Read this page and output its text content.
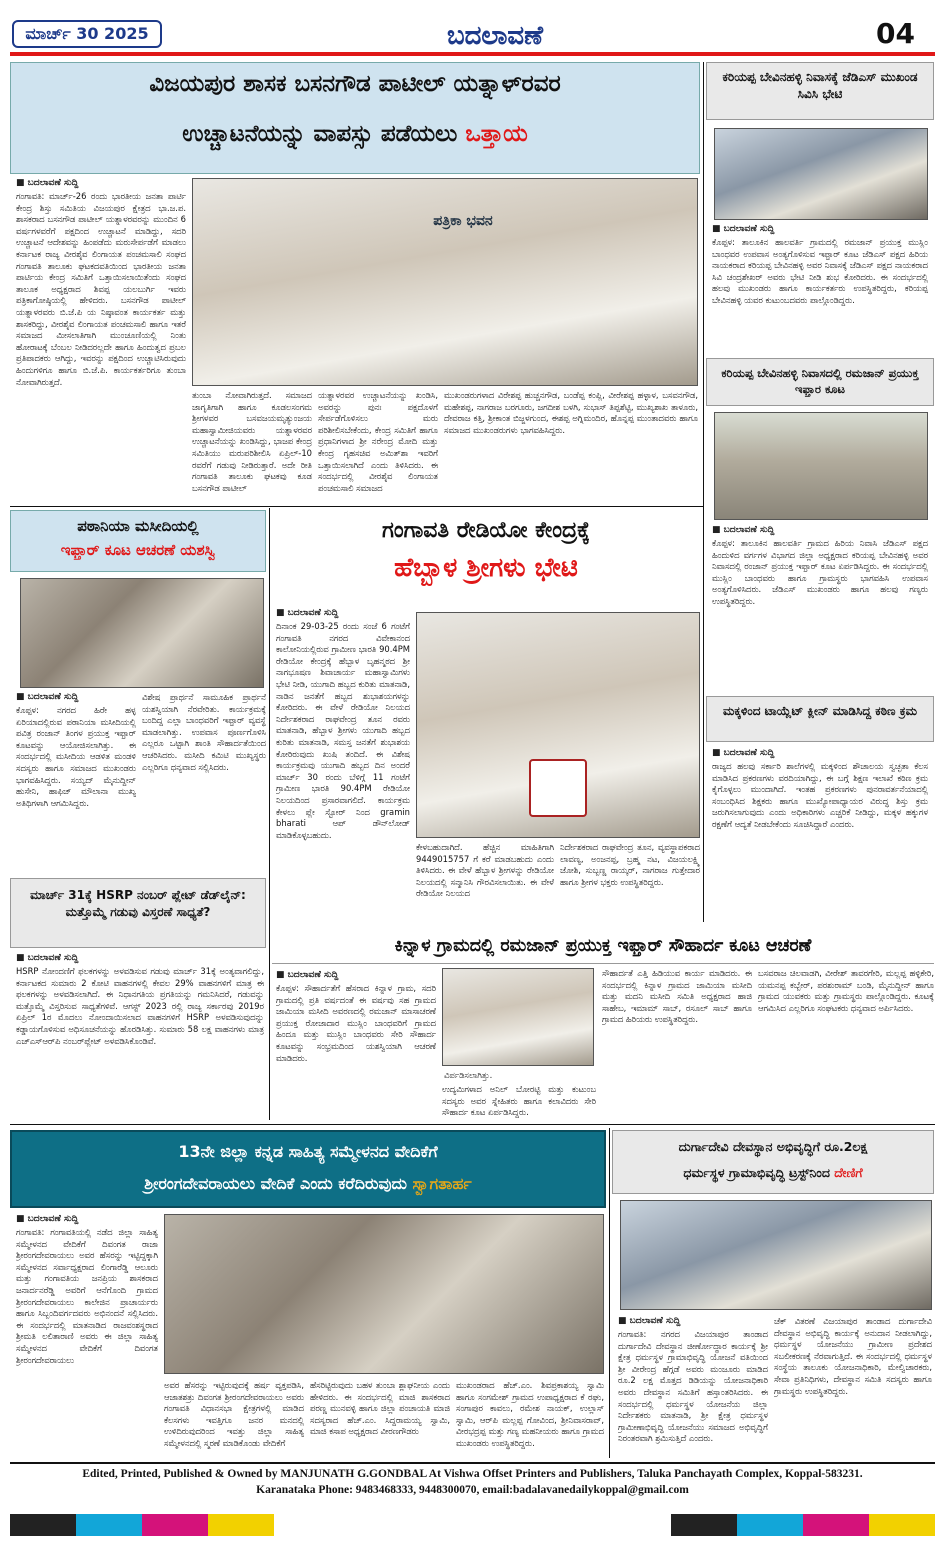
ಮಾರ್ಚ್ 30 2025	ಬದಲಾವಣೆ	04
ವಿಜಯಪುರ ಶಾಸಕ ಬಸನಗೌಡ ಪಾಟೀಲ್ ಯತ್ನಾಳ್‌ರವರ
ಉಚ್ಚಾಟನೆಯನ್ನು ವಾಪಸ್ಸು ಪಡೆಯಲು ಒತ್ತಾಯ
■ ಬದಲಾವಣೆ ಸುದ್ದಿ
ಗಂಗಾವತಿ: ಮಾರ್ಚ್-26 ರಂದು ಭಾರತೀಯ ಜನತಾ ಪಾರ್ಟಿ ಕೇಂದ್ರ ಶಿಸ್ತು ಸಮಿತಿಯ ವಿಜಯಪುರ ಕ್ಷೇತ್ರದ ಭಾ.ಜ.ಪ. ಶಾಸಕರಾದ ಬಸನಗೌಡ ಪಾಟೀಲ್ ಯತ್ನಾಳರವರನ್ನು ಮುಂದಿನ 6 ವರ್ಷಗಳವರೆಗೆ ಪಕ್ಷದಿಂದ ಉಚ್ಚಾಟನೆ ಮಾಡಿದ್ದು, ಸದರಿ ಉಚ್ಚಾಟನೆ ಆದೇಶವನ್ನು ಹಿಂಪಡೆದು ಮರುಸೇರ್ಪಡೆಗೆ ಮಾಡಲು ಕರ್ನಾಟಕ ರಾಜ್ಯ ವೀರಶೈವ ಲಿಂಗಾಯತ ಪಂಚಮಸಾಲಿ ಸಂಘದ ಗಂಗಾವತಿ ತಾಲೂಕು ಘಟಕದವತಿಯಿಂದ ಭಾರತೀಯ ಜನತಾ ಪಾರ್ಟಿಯ ಕೇಂದ್ರ ಸಮಿತಿಗೆ ಒತ್ತಾಯಿಸಲಾಯಿತೆಂದು ಸಂಘದ ತಾಲೂಕ ಅಧ್ಯಕ್ಷರಾದ ಶಿವಪ್ಪ ಯಲಬುರ್ಗಿ ಇವರು ಪತ್ರಿಕಾಗೋಷ್ಠಿಯಲ್ಲಿ ಹೇಳಿದರು. ಬಸನಗೌಡ ಪಾಟೀಲ್ ಯತ್ನಾಳರವರು ಬಿ.ಜೆ.ಪಿ ಯ ನಿಷ್ಠಾವಂತ ಕಾರ್ಯಕರ್ತ ಮತ್ತು ಶಾಸಕರಿದ್ದು, ವೀರಶೈವ ಲಿಂಗಾಯತ ಪಂಚಮಸಾಲಿ ಹಾಗೂ ಇತರೆ ಸಮಾಜದ ಮೀಸಲಾತಿಗಾಗಿ ಮುಂಚೂಣಿಯಲ್ಲಿ ನಿಂತು ಹೋರಾಟಕ್ಕೆ ಬೆಂಬಲ ನೀಡಿದರಲ್ಲದೇ ಹಾಗೂ ಹಿಂದುತ್ವದ ಪ್ರಬಲ ಪ್ರತಿಪಾದಕರು ಆಗಿದ್ದು, ಇವರನ್ನು ಪಕ್ಷದಿಂದ ಉಚ್ಚಾಟಿಸಿರುವುದು ಹಿಂದುಗಳಿಗೂ ಹಾಗೂ ಬಿ.ಜೆ.ಪಿ. ಕಾರ್ಯಕರ್ತರಿಗೂ ತುಂಬಾ ನೋವಾಗಿರುತ್ತದೆ.
ಪತ್ರಿಕಾ ಭವನ
ತುಂಬಾ ನೋವಾಗಿರುತ್ತದೆ. ಸಮಾಜದ ಜಾಗೃತಿಗಾಗಿ ಹಾಗೂ ಕೂಡಲಸಂಗಮ ಶ್ರೀಗಳವರ ಬಸವಜಯಮೃತ್ಯುಂಜಯ ಮಹಾಸ್ವಾಮೀಜಿಯವರು ಯತ್ನಾಳರವರ ಉಚ್ಚಾಟನೆಯನ್ನು ಖಂಡಿಸಿದ್ದು, ಭಾಜಪ ಕೇಂದ್ರ ಸಮಿತಿಯು ಮರುಪರಿಶೀಲಿಸಿ ಏಪ್ರಿಲ್-10 ರವರೆಗೆ ಗಡುವು ನೀಡಿರುತ್ತಾರೆ. ಅದೇ ರೀತಿ ಗಂಗಾವತಿ ತಾಲೂಕು ಘಟಕವು ಕೂಡ ಬಸನಗೌಡ ಪಾಟೀಲ್
ಯತ್ನಾಳರವರ ಉಚ್ಚಾಟನೆಯನ್ನು ಖಂಡಿಸಿ, ಅವರನ್ನು ಪುನಃ ಪಕ್ಷದೊಳಗೆ ಸೇರ್ಪಡೆಗೊಳಿಸಲು ಮರು ಪರಿಶೀಲಿಸಬೇಕೆಂದು, ಕೇಂದ್ರ ಸಮಿತಿಗೆ ಹಾಗೂ ಪ್ರಧಾನಿಗಳಾದ ಶ್ರೀ ನರೇಂದ್ರ ಮೋದಿ ಮತ್ತು ಕೇಂದ್ರ ಗೃಹಸಚಿವ ಅಮಿತ್‌ಶಾ ಇವರಿಗೆ ಒತ್ತಾಯಿಸಲಾಗಿದೆ ಎಂದು ತಿಳಿಸಿದರು. ಈ ಸಂದರ್ಭದಲ್ಲಿ ವೀರಶೈವ ಲಿಂಗಾಯತ ಪಂಚಮಸಾಲಿ ಸಮಾಜದ
ಮುಖಂಡರುಗಳಾದ ವಿರೇಶಪ್ಪ ಹುಚ್ಚನಗೌಡ, ಬಂಡೆಪ್ಪ ಕಂಪ್ಲಿ, ವೀರೇಶಪ್ಪ ಹಳ್ಳಾಳ, ಬಸವನಗೌಡ, ಮಹೇಶಪ್ಪ, ನಾಗರಾಜ ಬರಗೂರು, ಜಗದೀಶ ಬಳಗಿ, ಸುಭಾಸ್ ತಿಪ್ಪಶೆಟ್ಟಿ, ಮುಖ್ಯಶಾಖ ತಾಳೂರು, ದೇವರಾಜ ಕತ್ತಿ, ಶ್ರೀಕಾಂತ ಬಿಜ್ಜಳಗುಂದ, ಈಶಪ್ಪ ಅಗ್ನಿಮಂದಿರ, ಹೊನ್ನಪ್ಪ ಮುಂತಾದವರು ಹಾಗೂ ಸಮಾಜದ ಮುಖಂಡರುಗಳು ಭಾಗವಹಿಸಿದ್ದರು.
ಕರಿಯಪ್ಪ ಬೇವಿನಹಳ್ಳಿ ನಿವಾಸಕ್ಕೆ ಜೆಡಿಎಸ್ ಮುಖಂಡ ಸಿವಿಸಿ ಭೇಟಿ
■ ಬದಲಾವಣೆ ಸುದ್ದಿ
ಕೊಪ್ಪಳ: ತಾಲೂಕಿನ ಹಾಲವರ್ತಿ ಗ್ರಾಮದಲ್ಲಿ ರಮಜಾನ್ ಪ್ರಯುಕ್ತ ಮುಸ್ಲಿಂ ಬಾಂಧವರ ಉಪವಾಸ ಅಂತ್ಯಗೊಳಿಸುವ ಇಫ್ತಾರ್ ಕೂಟ ಜೆಡಿಎಸ್ ಪಕ್ಷದ ಹಿರಿಯ ನಾಯಕರಾದ ಕರಿಯಪ್ಪ ಬೇವಿನಹಳ್ಳಿ ಅವರ ನಿವಾಸಕ್ಕೆ ಜೆಡಿಎಸ್ ಪಕ್ಷದ ನಾಯಕರಾದ ಸಿವಿ ಚಂದ್ರಶೇಖರ್ ಅವರು ಭೇಟಿ ನೀಡಿ ಶುಭ ಕೋರಿದರು. ಈ ಸಂದರ್ಭದಲ್ಲಿ ಹಲವು ಮುಖಂಡರು ಹಾಗೂ ಕಾರ್ಯಕರ್ತರು ಉಪಸ್ಥಿತರಿದ್ದರು, ಕರಿಯಪ್ಪ ಬೇವಿನಹಳ್ಳಿ ಯವರ ಕುಟುಂಬದವರು ಪಾಲ್ಗೊಂಡಿದ್ದರು.
ಕರಿಯಪ್ಪ ಬೇವಿನಹಳ್ಳಿ ನಿವಾಸದಲ್ಲಿ ರಮಜಾನ್ ಪ್ರಯುಕ್ತ ಇಫ್ತಾರ ಕೂಟ
■ ಬದಲಾವಣೆ ಸುದ್ದಿ
ಕೊಪ್ಪಳ: ತಾಲೂಕಿನ ಹಾಲವರ್ತಿ ಗ್ರಾಮದ ಹಿರಿಯ ನಿವಾಸಿ ಜೆಡಿಎಸ್ ಪಕ್ಷದ ಹಿಂದುಳಿದ ವರ್ಗಗಳ ವಿಭಾಗದ ಜಿಲ್ಲಾ ಅಧ್ಯಕ್ಷರಾದ ಕರಿಯಪ್ಪ ಬೇವಿನಹಳ್ಳಿ ಅವರ ನಿವಾಸದಲ್ಲಿ ರಂಜಾನ್ ಪ್ರಯುಕ್ತ ಇಫ್ತಾರ್ ಕೂಟ ಏರ್ಪಡಿಸಿದ್ದರು. ಈ ಸಂದರ್ಭದಲ್ಲಿ ಮುಸ್ಲಿಂ ಬಾಂಧವರು ಹಾಗೂ ಗ್ರಾಮಸ್ಥರು ಭಾಗವಹಿಸಿ ಉಪವಾಸ ಅಂತ್ಯಗೊಳಿಸಿದರು. ಜೆಡಿಎಸ್ ಮುಖಂಡರು ಹಾಗೂ ಹಲವು ಗಣ್ಯರು ಉಪಸ್ಥಿತರಿದ್ದರು.
ಮಕ್ಕಳಿಂದ ಟಾಯ್ಲೆಟ್ ಕ್ಲೀನ್ ಮಾಡಿಸಿದ್ದ ಕಠಿಣ ಕ್ರಮ
■ ಬದಲಾವಣೆ ಸುದ್ದಿ
ರಾಜ್ಯದ ಹಲವು ಸರ್ಕಾರಿ ಶಾಲೆಗಳಲ್ಲಿ ಮಕ್ಕಳಿಂದ ಶೌಚಾಲಯ ಸ್ವಚ್ಛತಾ ಕೆಲಸ ಮಾಡಿಸಿದ ಪ್ರಕರಣಗಳು ವರದಿಯಾಗಿದ್ದು, ಈ ಬಗ್ಗೆ ಶಿಕ್ಷಣ ಇಲಾಖೆ ಕಠಿಣ ಕ್ರಮ ಕೈಗೊಳ್ಳಲು ಮುಂದಾಗಿದೆ. ಇಂತಹ ಪ್ರಕರಣಗಳು ಪುನರಾವರ್ತನೆಯಾದಲ್ಲಿ ಸಂಬಂಧಿಸಿದ ಶಿಕ್ಷಕರು ಹಾಗೂ ಮುಖ್ಯೋಪಾಧ್ಯಾಯರ ವಿರುದ್ಧ ಶಿಸ್ತು ಕ್ರಮ ಜರುಗಿಸಲಾಗುವುದು ಎಂದು ಅಧಿಕಾರಿಗಳು ಎಚ್ಚರಿಕೆ ನೀಡಿದ್ದು, ಮಕ್ಕಳ ಹಕ್ಕುಗಳ ರಕ್ಷಣೆಗೆ ಆದ್ಯತೆ ನೀಡಬೇಕೆಂದು ಸೂಚಿಸಿದ್ದಾರೆ ಎಂದರು.
ಪಠಾನಿಯಾ ಮಸೀದಿಯಲ್ಲಿ
ಇಫ್ತಾರ್ ಕೂಟ ಆಚರಣೆ ಯಶಸ್ವಿ
■ ಬದಲಾವಣೆ ಸುದ್ದಿ
ಕೊಪ್ಪಳ: ನಗರದ ಹಿರೇ ಹಳ್ಳ ಏರಿಯಾದಲ್ಲಿರುವ ಪಠಾನಿಯಾ ಮಸೀದಿಯಲ್ಲಿ ಪವಿತ್ರ ರಂಜಾನ್ ತಿಂಗಳ ಪ್ರಯುಕ್ತ ಇಫ್ತಾರ್ ಕೂಟವನ್ನು ಆಯೋಜಿಸಲಾಗಿತ್ತು. ಈ ಸಂದರ್ಭದಲ್ಲಿ ಮಸೀದಿಯ ಆಡಳಿತ ಮಂಡಳಿ ಸದಸ್ಯರು ಹಾಗೂ ಸಮಾಜದ ಮುಖಂಡರು ಭಾಗವಹಿಸಿದ್ದರು. ಸಯ್ಯದ್ ಮೈನುದ್ದೀನ್ ಹುಸೇನಿ, ಹಾಫಿಜ್ ಮೌಲಾನಾ ಮುಖ್ಯ ಅತಿಥಿಗಳಾಗಿ ಆಗಮಿಸಿದ್ದರು.
ವಿಶೇಷ ಪ್ರಾರ್ಥನೆ ಸಾಮೂಹಿಕ ಪ್ರಾರ್ಥನೆ ಯಶಸ್ವಿಯಾಗಿ ನೆರವೇರಿತು. ಕಾರ್ಯಕ್ರಮಕ್ಕೆ ಬಂದಿದ್ದ ಎಲ್ಲಾ ಬಾಂಧವರಿಗೆ ಇಫ್ತಾರ್ ವ್ಯವಸ್ಥೆ ಮಾಡಲಾಗಿತ್ತು. ಉಪವಾಸ ಪೂರ್ಣಗೊಳಿಸಿ ಎಲ್ಲರೂ ಒಟ್ಟಾಗಿ ಶಾಂತಿ ಸೌಹಾರ್ದತೆಯಿಂದ ಆಚರಿಸಿದರು. ಮಸೀದಿ ಕಮಿಟಿ ಮುಖ್ಯಸ್ಥರು ಎಲ್ಲರಿಗೂ ಧನ್ಯವಾದ ಸಲ್ಲಿಸಿದರು.
ಮಾರ್ಚ್ 31ಕ್ಕೆ HSRP ನಂಬರ್ ಪ್ಲೇಟ್ ಡೆಡ್‌ಲೈನ್: ಮತ್ತೊಮ್ಮೆ ಗಡುವು ವಿಸ್ತರಣೆ ಸಾಧ್ಯತೆ?
■ ಬದಲಾವಣೆ ಸುದ್ದಿ
HSRP ನೋಂದಣಿಗೆ ಫಲಕಗಳನ್ನು ಅಳವಡಿಸುವ ಗಡುವು ಮಾರ್ಚ್ 31ಕ್ಕೆ ಅಂತ್ಯವಾಗಲಿದ್ದು, ಕರ್ನಾಟಕದ ಸುಮಾರು 2 ಕೋಟಿ ವಾಹನಗಳಲ್ಲಿ ಕೇವಲ 29% ವಾಹನಗಳಿಗೆ ಮಾತ್ರ ಈ ಫಲಕಗಳನ್ನು ಅಳವಡಿಸಲಾಗಿದೆ. ಈ ನಿಧಾನಗತಿಯ ಪ್ರಗತಿಯನ್ನು ಗಮನಿಸಿದರೆ, ಗಡುವನ್ನು ಮತ್ತೊಮ್ಮೆ ವಿಸ್ತರಿಸುವ ಸಾಧ್ಯತೆಗಳಿವೆ. ಆಗಸ್ಟ್ 2023 ರಲ್ಲಿ ರಾಜ್ಯ ಸರ್ಕಾರವು 2019ರ ಏಪ್ರಿಲ್ 1ರ ಮೊದಲು ನೋಂದಾಯಿಸಲಾದ ವಾಹನಗಳಿಗೆ HSRP ಅಳವಡಿಸುವುದನ್ನು ಕಡ್ಡಾಯಗೊಳಿಸುವ ಅಧಿಸೂಚನೆಯನ್ನು ಹೊರಡಿಸಿತ್ತು. ಸುಮಾರು 58 ಲಕ್ಷ ವಾಹನಗಳು ಮಾತ್ರ ಎಚ್‌ಎಸ್‌ಆರ್‌ಪಿ ನಂಬರ್‌ಪ್ಲೇಟ್ ಅಳವಡಿಸಿಕೊಂಡಿವೆ.
ಗಂಗಾವತಿ ರೇಡಿಯೋ ಕೇಂದ್ರಕ್ಕೆ
ಹೆಬ್ಬಾಳ ಶ್ರೀಗಳು ಭೇಟಿ
■ ಬದಲಾವಣೆ ಸುದ್ದಿ
ದಿನಾಂಕ 29-03-25 ರಂದು ಸಂಜೆ 6 ಗಂಟೆಗೆ ಗಂಗಾವತಿ ನಗರದ ವಿವೇಕಾನಂದ ಕಾಲೋನಿಯಲ್ಲಿರುವ ಗ್ರಾಮೀಣ ಭಾರತಿ 90.4PM ರೇಡಿಯೋ ಕೇಂದ್ರಕ್ಕೆ ಹೆಬ್ಬಾಳ ಬೃಹನ್ಮಠದ ಶ್ರೀ ನಾಗಭೂಷಣ ಶಿವಾಚಾರ್ಯ ಮಹಾಸ್ವಾಮಿಗಳು ಭೇಟಿ ನೀಡಿ, ಯುಗಾದಿ ಹಬ್ಬದ ಕುರಿತು ಮಾತನಾಡಿ, ನಾಡಿನ ಜನತೆಗೆ ಹಬ್ಬದ ಶುಭಾಶಯಗಳನ್ನು ಕೋರಿದರು. ಈ ವೇಳೆ ರೇಡಿಯೋ ನಿಲಯದ ನಿರ್ದೇಶಕರಾದ ರಾಘವೇಂದ್ರ ತೂನ ರವರು ಮಾತನಾಡಿ, ಹೆಬ್ಬಾಳ ಶ್ರೀಗಳು ಯುಗಾದಿ ಹಬ್ಬದ ಕುರಿತು ಮಾತನಾಡಿ, ಸಮಸ್ತ ಜನತೆಗೆ ಶುಭಾಶಯ ಕೋರಿರುವುದು ಖುಷಿ ತಂದಿದೆ. ಈ ವಿಶೇಷ ಕಾರ್ಯಕ್ರಮವು ಯುಗಾದಿ ಹಬ್ಬದ ದಿನ ಅಂದರೆ ಮಾರ್ಚ್ 30 ರಂದು ಬೆಳಿಗ್ಗೆ 11 ಗಂಟೆಗೆ ಗ್ರಾಮೀಣ ಭಾರತಿ 90.4PM ರೇಡಿಯೋ ನಿಲಯದಿಂದ ಪ್ರಸಾರವಾಗಲಿದೆ. ಕಾರ್ಯಕ್ರಮ ಕೇಳಲು ಪ್ಲೇ ಸ್ಟೋರ್ ನಿಂದ gramin bharati ಆಪ್ ಡೌನ್‌ಲೋಡ್ ಮಾಡಿಕೊಳ್ಳಬಹುದು.
ಕೇಳಬಹುದಾಗಿದೆ. ಹೆಚ್ಚಿನ ಮಾಹಿತಿಗಾಗಿ 9449015757 ಗೆ ಕರೆ ಮಾಡಬಹುದು ಎಂದು ತಿಳಿಸಿದರು. ಈ ವೇಳೆ ಹೆಬ್ಬಾಳ ಶ್ರೀಗಳನ್ನು ರೇಡಿಯೋ ನಿಲಯದಲ್ಲಿ ಸನ್ಮಾನಿಸಿ ಗೌರವಿಸಲಾಯಿತು. ಈ ವೇಳೆ ರೇಡಿಯೋ ನಿಲಯದ
ನಿರ್ದೇಶಕರಾದ ರಾಘವೇಂದ್ರ ತೂನ, ವ್ಯವಸ್ಥಾಪಕರಾದ ಲಾವಣ್ಯ, ಅಂಜನಪ್ಪ, ಬ್ರಹ್ಮ ನಟ, ವಿಜಯಲಕ್ಷ್ಮಿ ಜೋಶಿ, ಸುಬ್ಬಣ್ಣ ರಾಯ್ಕರ್, ನಾಗರಾಜ ಗುತ್ತೇದಾರ ಹಾಗೂ ಶ್ರೀಗಳ ಭಕ್ತರು ಉಪಸ್ಥಿತರಿದ್ದರು.
ಕಿನ್ನಾಳ ಗ್ರಾಮದಲ್ಲಿ ರಮಜಾನ್ ಪ್ರಯುಕ್ತ ಇಫ್ತಾರ್ ಸೌಹಾರ್ದ ಕೂಟ ಆಚರಣೆ
■ ಬದಲಾವಣೆ ಸುದ್ದಿ
ಕೊಪ್ಪಳ: ಸೌಹಾರ್ದತೆಗೆ ಹೆಸರಾದ ಕಿನ್ನಾಳ ಗ್ರಾಮ, ಸದರಿ ಗ್ರಾಮದಲ್ಲಿ ಪ್ರತಿ ವರ್ಷದಂತೆ ಈ ವರ್ಷವು ಸಹ ಗ್ರಾಮದ ಜಾಮಿಯಾ ಮಸೀದಿ ಅವರಣದಲ್ಲಿ ರಮಜಾನ್ ಮಾಸಾಚರಣೆ ಪ್ರಯುಕ್ತ ರೋಜಾದಾರ ಮುಸ್ಲಿಂ ಬಾಂಧವರಿಗೆ ಗ್ರಾಮದ ಹಿಂದೂ ಮತ್ತು ಮುಸ್ಲಿಂ ಬಾಂಧವರು ಸೇರಿ ಸೌಹಾರ್ದ ಕೂಟವನ್ನು ಸಂಭ್ರಮದಿಂದ ಯಶಸ್ವಿಯಾಗಿ ಆಚರಣೆ ಮಾಡಿದರು.
ವಿರ್ಪಡಿಸಲಾಗಿತ್ತು.
ಉದ್ಯಮಿಗಳಾದ ಅನಿಲ್ ಬೋರಟ್ಟಿ ಮತ್ತು ಕುಟುಂಬ ಸದಸ್ಯರು ಅವರ ಸ್ನೇಹಿತರು ಹಾಗೂ ಕಲಾವಿದರು ಸೇರಿ ಸೌಹಾರ್ದ ಕೂಟ ಏರ್ಪಡಿಸಿದ್ದರು.
ಸೌಹಾರ್ದತೆ ಎತ್ತಿ ಹಿಡಿಯುವ ಕಾರ್ಯ ಮಾಡಿದರು. ಈ ಸಂದರ್ಭದಲ್ಲಿ ಕಿನ್ನಾಳ ಗ್ರಾಮದ ಜಾಮಿಯಾ ಮಸೀದಿ ಮತ್ತು ಮದನಿ ಮಸೀದಿ ಸಮಿತಿ ಅಧ್ಯಕ್ಷರಾದ ಹಾಜಿ ಸಾಹೇಬ, ಇಮಾಮ್ ಸಾಬ್, ರಸೂಲ್ ಸಾಬ್ ಹಾಗೂ ಗ್ರಾಮದ ಹಿರಿಯರು ಉಪಸ್ಥಿತರಿದ್ದರು.
ಬಸವರಾಜ ಚಿಲವಾಡಗಿ, ವೀರೇಶ್ ತಾವರಗೇರಿ, ಮಲ್ಲಪ್ಪ ಹಳ್ಳಿಕೇರಿ, ಯಮನಪ್ಪ ಕಬ್ಬೇರ್, ಪರಶುರಾಮ್ ಬಂಡಿ, ಮೈನುದ್ದೀನ್ ಹಾಗೂ ಗ್ರಾಮದ ಯುವಕರು ಮತ್ತು ಗ್ರಾಮಸ್ಥರು ಪಾಲ್ಗೊಂಡಿದ್ದರು. ಕೂಟಕ್ಕೆ ಆಗಮಿಸಿದ ಎಲ್ಲರಿಗೂ ಸಂಘಟಕರು ಧನ್ಯವಾದ ಅರ್ಪಿಸಿದರು.
13ನೇ ಜಿಲ್ಲಾ ಕನ್ನಡ ಸಾಹಿತ್ಯ ಸಮ್ಮೇಳನದ ವೇದಿಕೆಗೆ
ಶ್ರೀರಂಗದೇವರಾಯಲು ವೇದಿಕೆ ಎಂದು ಕರೆದಿರುವುದು ಸ್ವಾಗತಾರ್ಹ
■ ಬದಲಾವಣೆ ಸುದ್ದಿ
ಗಂಗಾವತಿ: ಗಂಗಾವತಿಯಲ್ಲಿ ನಡೆದ ಜಿಲ್ಲಾ ಸಾಹಿತ್ಯ ಸಮ್ಮೇಳನದ ವೇದಿಕೆಗೆ ದಿವಂಗತ ರಾಜಾ ಶ್ರೀರಂಗದೇವರಾಯಲು ಅವರ ಹೆಸರನ್ನು ಇಟ್ಟಿದ್ದಕ್ಕಾಗಿ ಸಮ್ಮೇಳನದ ಸರ್ವಾಧ್ಯಕ್ಷರಾದ ಲಿಂಗಾರೆಡ್ಡಿ ಆಲೂರು ಮತ್ತು ಗಂಗಾವತಿಯ ಜನಪ್ರಿಯ ಶಾಸಕರಾದ ಜನಾರ್ದನರೆಡ್ಡಿ ಅವರಿಗೆ ಆನೆಗೊಂದಿ ಗ್ರಾಮದ ಶ್ರೀರಂಗದೇವರಾಯಲು ಕಾಲೇಜಿನ ಪ್ರಾಚಾರ್ಯರು ಹಾಗೂ ಸಿಬ್ಬಂದಿವರ್ಗದವರು ಅಭಿನಂದನೆ ಸಲ್ಲಿಸಿದರು. ಈ ಸಂದರ್ಭದಲ್ಲಿ ಮಾತನಾಡಿದ ರಾಜವಂಶಸ್ಥರಾದ ಶ್ರೀಮತಿ ಲಲಿತಾರಾಣಿ ಅವರು ಈ ಜಿಲ್ಲಾ ಸಾಹಿತ್ಯ ಸಮ್ಮೇಳನದ ವೇದಿಕೆಗೆ ದಿವಂಗತ ಶ್ರೀರಂಗದೇವರಾಯಲು
ಅವರ ಹೆಸರನ್ನು ಇಟ್ಟಿರುವುದಕ್ಕೆ ಹರ್ಷ ವ್ಯಕ್ತಪಡಿಸಿ, ಆಜಾತಶತ್ರು ದಿವಂಗತ ಶ್ರೀರಂಗದೇವರಾಯಲು ಅವರು ಗಂಗಾವತಿ ವಿಧಾನಸಭಾ ಕ್ಷೇತ್ರಗಳಲ್ಲಿ ಮಾಡಿದ ಕೆಲಸಗಳು ಇವತ್ತಿಗೂ ಜನರ ಮನದಲ್ಲಿ ಉಳಿದಿರುವುದರಿಂದ ಇವತ್ತು ಜಿಲ್ಲಾ ಸಾಹಿತ್ಯ ಸಮ್ಮೇಳನದಲ್ಲಿ ಸ್ಮರಣೆ ಮಾಡಿಕೊಂಡು ವೇದಿಕೆಗೆ
ಹೆಸರಿಟ್ಟಿರುವುದು ಬಹಳ ತುಂಬಾ ಶ್ಲಾಘನೀಯ ಎಂದು ಹೇಳಿದರು. ಈ ಸಂದರ್ಭದಲ್ಲಿ ಮಾಜಿ ಶಾಸಕರಾದ ಪರಣ್ಣ ಮುನವಳ್ಳಿ ಹಾಗೂ ಜಿಲ್ಲಾ ಪಂಚಾಯತಿ ಮಾಜಿ ಸದಸ್ಯರಾದ ಹೆಚ್.ಎಂ. ಸಿದ್ದರಾಮಯ್ಯ ಸ್ವಾಮಿ, ಮಾಜಿ ಕಸಾಪ ಅಧ್ಯಕ್ಷರಾದ ವೀರಣಗೌಡರು
ಮುಖಂಡರಾದ ಹೆಚ್.ಎಂ. ಶಿವಪ್ರಕಾಶಯ್ಯ ಸ್ವಾಮಿ ಹಾಗೂ ಸಂಗಮೇಶ್ ಗ್ರಾಮದ ಉಪಾಧ್ಯಕ್ಷರಾದ ಕೆ ರಘು, ಸಂಗಾಪುರ ಕಾವಲು, ರಮೇಶ ನಾಯಕ್, ಉಲ್ಲಾಸ್ ಸ್ವಾಮಿ, ಆರ್‌ಪಿ ಮಲ್ಲಪ್ಪ ಗೋವಿಂದ, ಶ್ರೀನಿವಾಸರಾವ್, ವೀರಭದ್ರಪ್ಪ ಮತ್ತು ಗಣ್ಯ ಮಹನೀಯರು ಹಾಗೂ ಗ್ರಾಮದ ಮುಖಂಡರು ಉಪಸ್ಥಿತರಿದ್ದರು.
ದುರ್ಗಾದೇವಿ ದೇವಸ್ಥಾನ ಅಭಿವೃದ್ಧಿಗೆ ರೂ.2ಲಕ್ಷ
ಧರ್ಮಸ್ಥಳ ಗ್ರಾಮಾಭಿವೃದ್ಧಿ ಟ್ರಸ್ಟ್‌ನಿಂದ ದೇಣಿಗೆ
■ ಬದಲಾವಣೆ ಸುದ್ದಿ
ಗಂಗಾವತಿ: ನಗರದ ವಿಜಯಾಪುರ ತಾಂಡಾದ ದುರ್ಗಾದೇವಿ ದೇವಸ್ಥಾನ ಜೀರ್ಣೋದ್ಧಾರ ಕಾರ್ಯಕ್ಕೆ ಶ್ರೀ ಕ್ಷೇತ್ರ ಧರ್ಮಸ್ಥಳ ಗ್ರಾಮಾಭಿವೃದ್ಧಿ ಯೋಜನೆ ವತಿಯಿಂದ ಶ್ರೀ ವೀರೇಂದ್ರ ಹೆಗ್ಗಡೆ ಅವರು ಮಂಜೂರು ಮಾಡಿದ ರೂ.2 ಲಕ್ಷ ಮೊತ್ತದ ಡಿಡಿಯನ್ನು ಯೋಜನಾಧಿಕಾರಿ ಅವರು ದೇವಸ್ಥಾನ ಸಮಿತಿಗೆ ಹಸ್ತಾಂತರಿಸಿದರು. ಈ ಸಂದರ್ಭದಲ್ಲಿ ಧರ್ಮಸ್ಥಳ ಯೋಜನೆಯ ಜಿಲ್ಲಾ ನಿರ್ದೇಶಕರು ಮಾತನಾಡಿ, ಶ್ರೀ ಕ್ಷೇತ್ರ ಧರ್ಮಸ್ಥಳ ಗ್ರಾಮೀಣಾಭಿವೃದ್ಧಿ ಯೋಜನೆಯು ಸಮಾಜದ ಅಭಿವೃದ್ಧಿಗೆ ನಿರಂತರವಾಗಿ ಶ್ರಮಿಸುತ್ತಿದೆ ಎಂದರು.
ಚೆಕ್ ವಿತರಣೆ ವಿಜಯಾಪುರ ತಾಂಡಾದ ದುರ್ಗಾದೇವಿ ದೇವಸ್ಥಾನ ಅಭಿವೃದ್ಧಿ ಕಾರ್ಯಕ್ಕೆ ಅನುದಾನ ನೀಡಲಾಗಿದ್ದು, ಧರ್ಮಸ್ಥಳ ಯೋಜನೆಯು ಗ್ರಾಮೀಣ ಪ್ರದೇಶದ ಸಬಲೀಕರಣಕ್ಕೆ ನೆರವಾಗುತ್ತಿದೆ. ಈ ಸಂದರ್ಭದಲ್ಲಿ ಧರ್ಮಸ್ಥಳ ಸಂಸ್ಥೆಯ ತಾಲೂಕು ಯೋಜನಾಧಿಕಾರಿ, ಮೇಲ್ವಿಚಾರಕರು, ಸೇವಾ ಪ್ರತಿನಿಧಿಗಳು, ದೇವಸ್ಥಾನ ಸಮಿತಿ ಸದಸ್ಯರು ಹಾಗೂ ಗ್ರಾಮಸ್ಥರು ಉಪಸ್ಥಿತರಿದ್ದರು.
Edited, Printed, Published & Owned by MANJUNATH G.GONDBAL At Vishwa Offset Printers and Publishers, Taluka Panchayath Complex, Koppal-583231.
Karanataka Phone: 9483468333, 9448300070, email:badalavanedailykoppal@gmail.com
